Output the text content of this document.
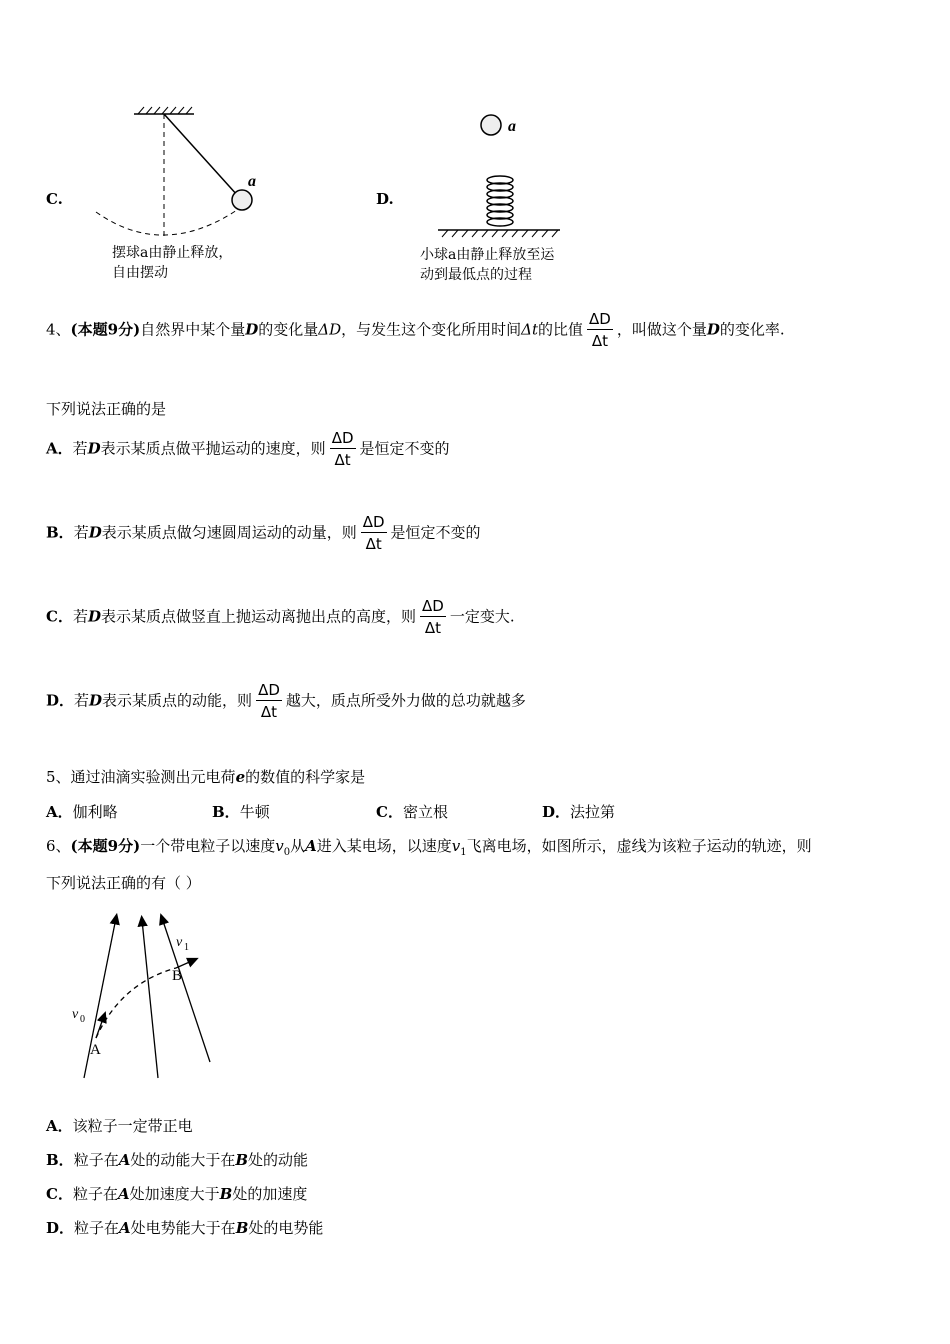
C.
a
摆球a由静止释放，
自由摆动
D.
a
小球a由静止释放至运
动到最低点的过程
4、(本题9分)自然界中某个量D的变化量ΔD，与发生这个变化所用时间Δt的比值 $\frac{\Delta D}{\Delta t}$ ，叫做这个量D的变化率.
下列说法正确的是
A．若D表示某质点做平抛运动的速度，则 $\frac{\Delta D}{\Delta t}$ 是恒定不变的
B．若D表示某质点做匀速圆周运动的动量，则 $\frac{\Delta D}{\Delta t}$ 是恒定不变的
C．若D表示某质点做竖直上抛运动离抛出点的高度，则 $\frac{\Delta D}{\Delta t}$ 一定变大.
D．若D表示某质点的动能，则 $\frac{\Delta D}{\Delta t}$ 越大，质点所受外力做的总功就越多
5、通过油滴实验测出元电荷e的数值的科学家是
A．伽利略	B．牛顿	C．密立根	D．法拉第
6、(本题9分)一个带电粒子以速度$v_0$从A进入某电场，以速度$v_1$飞离电场，如图所示，虚线为该粒子运动的轨迹，则
下列说法正确的有（ ）
v 0
v 1
A
B
A．该粒子一定带正电
B．粒子在A处的动能大于在B处的动能
C．粒子在A处加速度大于B处的加速度
D．粒子在A处电势能大于在B处的电势能
